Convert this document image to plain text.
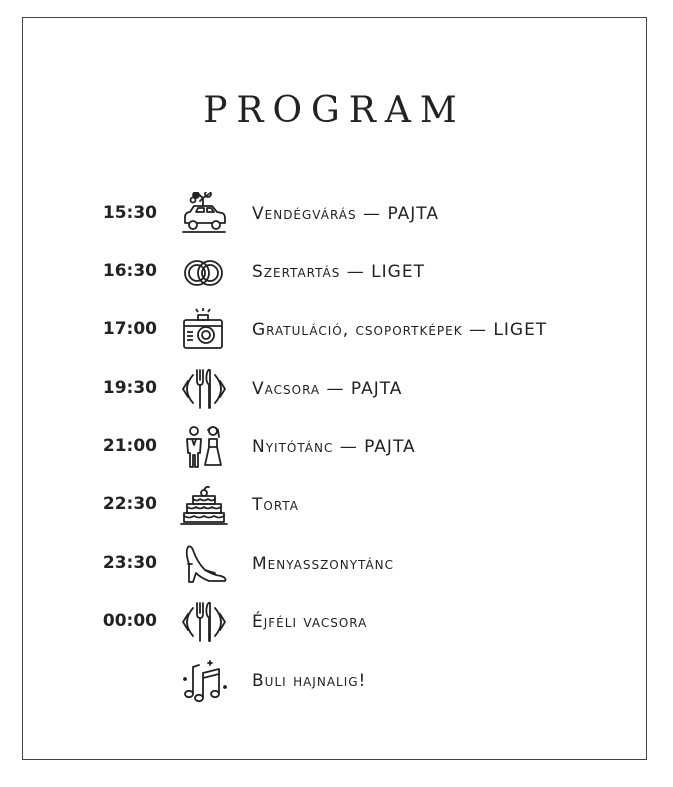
PROGRAM
15:30	Vendégvárás — PAJTA
16:30	Szertartás — LIGET
17:00	Gratuláció, csoportképek — LIGET
19:30	Vacsora — PAJTA
21:00	Nyitótánc — PAJTA
22:30	Torta
23:30	Menyasszonytánc
00:00	Éjféli vacsora
Buli hajnalig!
